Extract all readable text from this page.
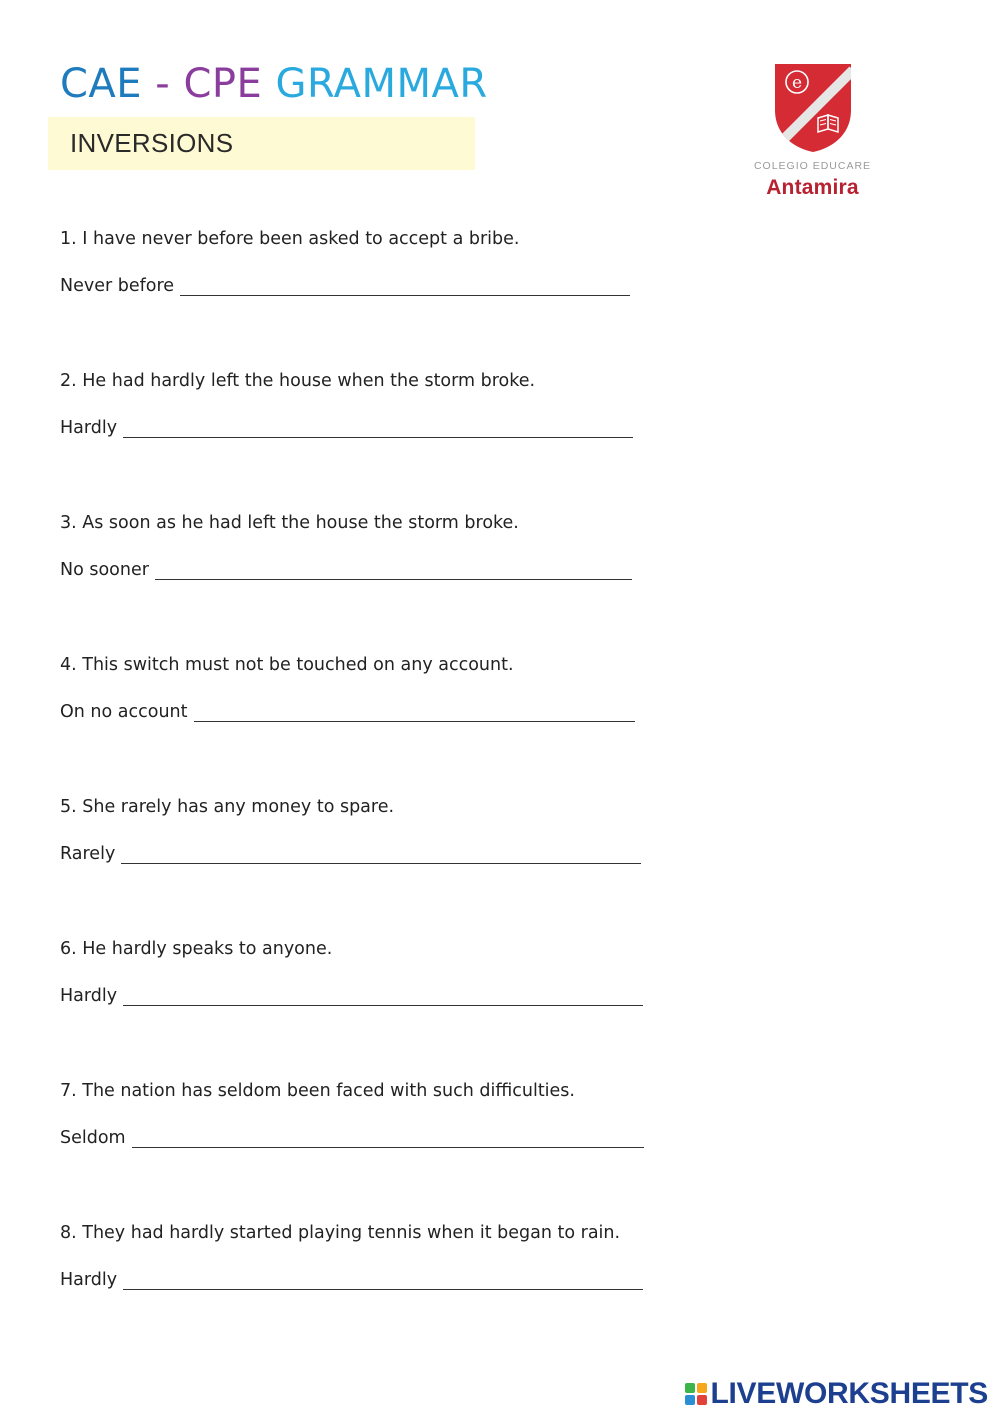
CAE - CPE GRAMMAR
INVERSIONS
e
COLEGIO EDUCARE
Antamira
1. I have never before been asked to accept a bribe.
Never before
2. He had hardly left the house when the storm broke.
Hardly
3. As soon as he had left the house the storm broke.
No sooner
4. This switch must not be touched on any account.
On no account
5. She rarely has any money to spare.
Rarely
6. He hardly speaks to anyone.
Hardly
7. The nation has seldom been faced with such difficulties.
Seldom
8. They had hardly started playing tennis when it began to rain.
Hardly
LIVEWORKSHEETS
